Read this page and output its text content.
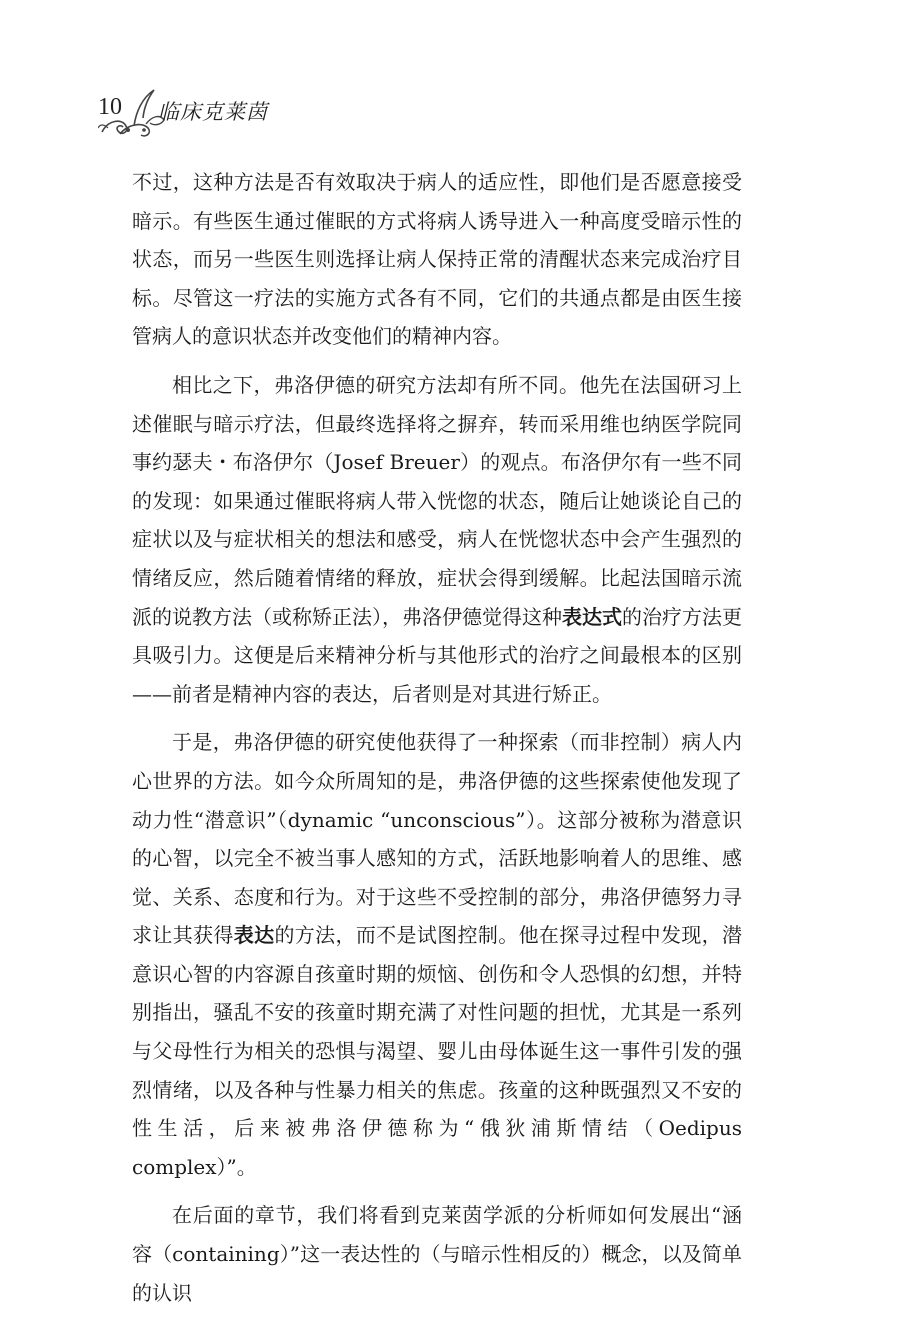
10 临床克莱茵

不过，这种方法是否有效取决于病人的适应性，即他们是否愿意接受暗示。有些医生通过催眠的方式将病人诱导进入一种高度受暗示性的状态，而另一些医生则选择让病人保持正常的清醒状态来完成治疗目标。尽管这一疗法的实施方式各有不同，它们的共通点都是由医生接管病人的意识状态并改变他们的精神内容。

相比之下，弗洛伊德的研究方法却有所不同。他先在法国研习上述催眠与暗示疗法，但最终选择将之摒弃，转而采用维也纳医学院同事约瑟夫・布洛伊尔（Josef Breuer）的观点。布洛伊尔有一些不同的发现：如果通过催眠将病人带入恍惚的状态，随后让她谈论自己的症状以及与症状相关的想法和感受，病人在恍惚状态中会产生强烈的情绪反应，然后随着情绪的释放，症状会得到缓解。比起法国暗示流派的说教方法（或称矫正法），弗洛伊德觉得这种表达式的治疗方法更具吸引力。这便是后来精神分析与其他形式的治疗之间最根本的区别——前者是精神内容的表达，后者则是对其进行矫正。

于是，弗洛伊德的研究使他获得了一种探索（而非控制）病人内心世界的方法。如今众所周知的是，弗洛伊德的这些探索使他发现了动力性“潜意识”（dynamic “unconscious”）。这部分被称为潜意识的心智，以完全不被当事人感知的方式，活跃地影响着人的思维、感觉、关系、态度和行为。对于这些不受控制的部分，弗洛伊德努力寻求让其获得表达的方法，而不是试图控制。他在探寻过程中发现，潜意识心智的内容源自孩童时期的烦恼、创伤和令人恐惧的幻想，并特别指出，骚乱不安的孩童时期充满了对性问题的担忧，尤其是一系列与父母性行为相关的恐惧与渴望、婴儿由母体诞生这一事件引发的强烈情绪，以及各种与性暴力相关的焦虑。孩童的这种既强烈又不安的性生活，后来被弗洛伊德称为“俄狄浦斯情结（Oedipus complex）”。

在后面的章节，我们将看到克莱茵学派的分析师如何发展出“涵容（containing）”这一表达性的（与暗示性相反的）概念，以及简单的认识
